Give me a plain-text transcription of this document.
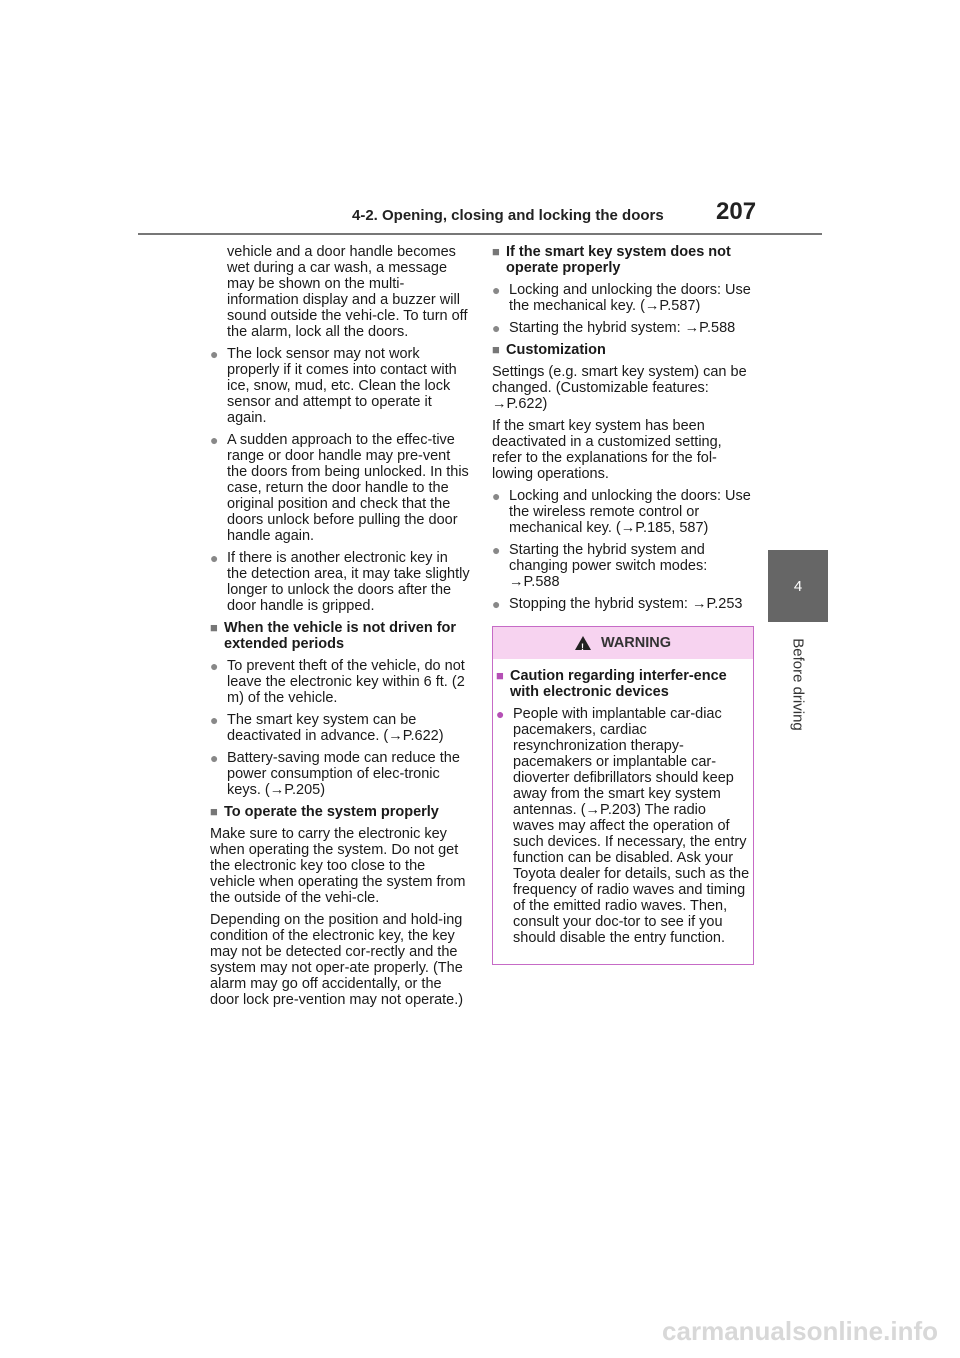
4-2. Opening, closing and locking the doors 207
4
Before driving

vehicle and a door handle becomes wet during a car wash, a message may be shown on the multi-information display and a buzzer will sound outside the vehi-cle. To turn off the alarm, lock all the doors.

● The lock sensor may not work properly if it comes into contact with ice, snow, mud, etc. Clean the lock sensor and attempt to operate it again.
● A sudden approach to the effec-tive range or door handle may pre-vent the doors from being unlocked. In this case, return the door handle to the original position and check that the doors unlock before pulling the door handle again.
● If there is another electronic key in the detection area, it may take slightly longer to unlock the doors after the door handle is gripped.
■ When the vehicle is not driven for extended periods
● To prevent theft of the vehicle, do not leave the electronic key within 6 ft. (2 m) of the vehicle.
● The smart key system can be deactivated in advance. (→P.622)
● Battery-saving mode can reduce the power consumption of elec-tronic keys. (→P.205)
■ To operate the system properly

Make sure to carry the electronic key when operating the system. Do not get the electronic key too close to the vehicle when operating the system from the outside of the vehi-cle.

Depending on the position and hold-ing condition of the electronic key, the key may not be detected cor-rectly and the system may not oper-ate properly. (The alarm may go off accidentally, or the door lock pre-vention may not operate.)

■ If the smart key system does not operate properly
● Locking and unlocking the doors: Use the mechanical key. (→P.587)
● Starting the hybrid system: →P.588
■ Customization

Settings (e.g. smart key system) can be changed. (Customizable features: →P.622)

If the smart key system has been deactivated in a customized setting, refer to the explanations for the fol-lowing operations.

● Locking and unlocking the doors: Use the wireless remote control or mechanical key. (→P.185, 587)
● Starting the hybrid system and changing power switch modes: →P.588
● Stopping the hybrid system: →P.253
! WARNING
■ Caution regarding interfer-ence with electronic devices
● People with implantable car-diac pacemakers, cardiac resynchronization therapy-pacemakers or implantable car-dioverter defibrillators should keep away from the smart key system antennas. (→P.203) The radio waves may affect the operation of such devices. If necessary, the entry function can be disabled. Ask your Toyota dealer for details, such as the frequency of radio waves and timing of the emitted radio waves. Then, consult your doc-tor to see if you should disable the entry function.
carmanualsonline.info
